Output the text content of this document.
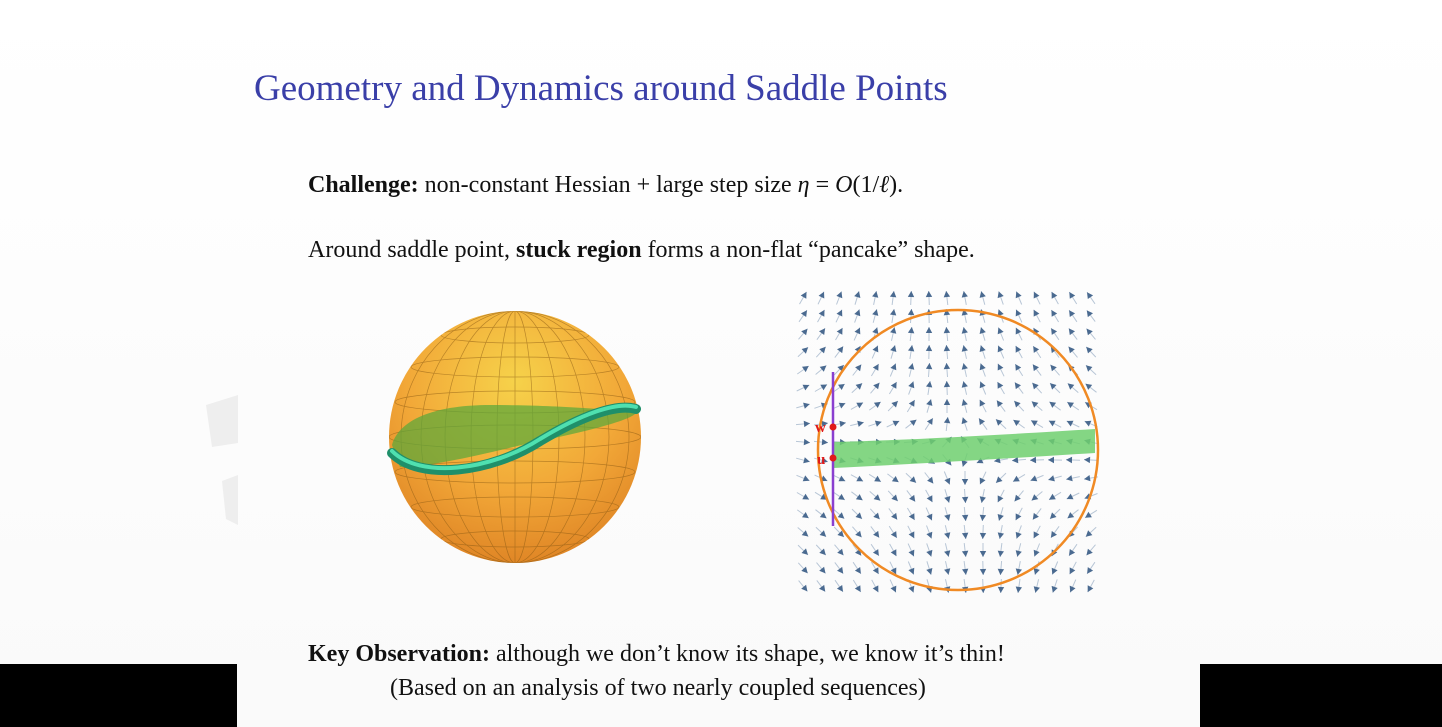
Geometry and Dynamics around Saddle Points
Challenge: non-constant Hessian + large step size η = O(1/ℓ).
Around saddle point, stuck region forms a non-flat “pancake” shape.
w
u
Key Observation: although we don’t know its shape, we know it’s thin!
(Based on an analysis of two nearly coupled sequences)
